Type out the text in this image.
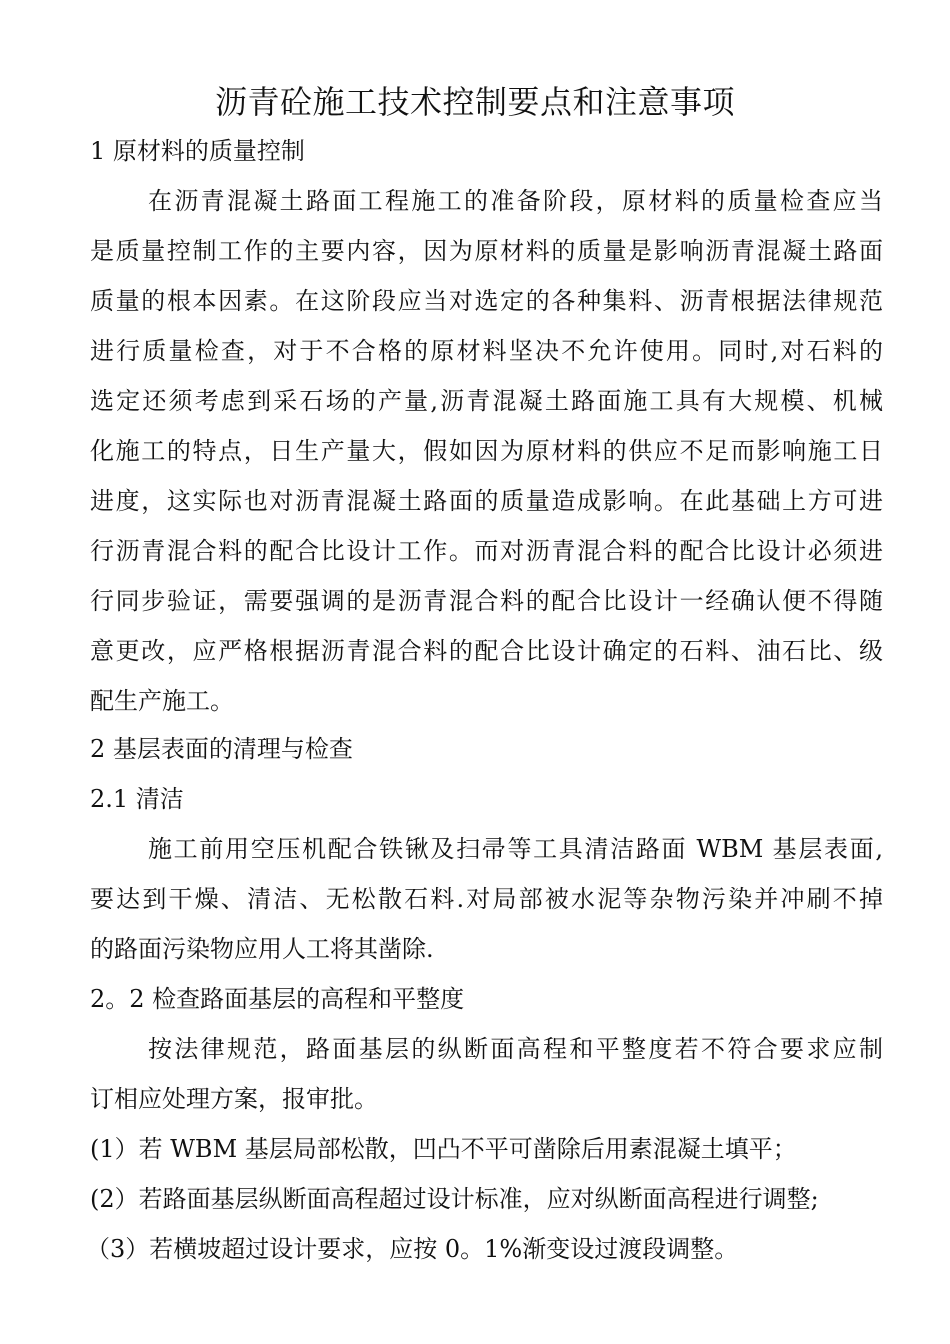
沥青砼施工技术控制要点和注意事项
1 原材料的质量控制
在沥青混凝土路面工程施工的准备阶段，原材料的质量检查应当
是质量控制工作的主要内容，因为原材料的质量是影响沥青混凝土路面
质量的根本因素。在这阶段应当对选定的各种集料、沥青根据法律规范
进行质量检查，对于不合格的原材料坚决不允许使用。同时,对石料的
选定还须考虑到采石场的产量,沥青混凝土路面施工具有大规模、机械
化施工的特点，日生产量大，假如因为原材料的供应不足而影响施工日
进度，这实际也对沥青混凝土路面的质量造成影响。在此基础上方可进
行沥青混合料的配合比设计工作。而对沥青混合料的配合比设计必须进
行同步验证，需要强调的是沥青混合料的配合比设计一经确认便不得随
意更改，应严格根据沥青混合料的配合比设计确定的石料、油石比、级
配生产施工。
2 基层表面的清理与检查
2.1 清洁
施工前用空压机配合铁锹及扫帚等工具清洁路面 WBM 基层表面,
要达到干燥、清洁、无松散石料.对局部被水泥等杂物污染并冲刷不掉
的路面污染物应用人工将其凿除.
2。2 检查路面基层的高程和平整度
按法律规范，路面基层的纵断面高程和平整度若不符合要求应制
订相应处理方案，报审批。
(1）若 WBM 基层局部松散，凹凸不平可凿除后用素混凝土填平；
(2）若路面基层纵断面高程超过设计标准，应对纵断面高程进行调整;
（3）若横坡超过设计要求，应按 0。1%渐变设过渡段调整。
